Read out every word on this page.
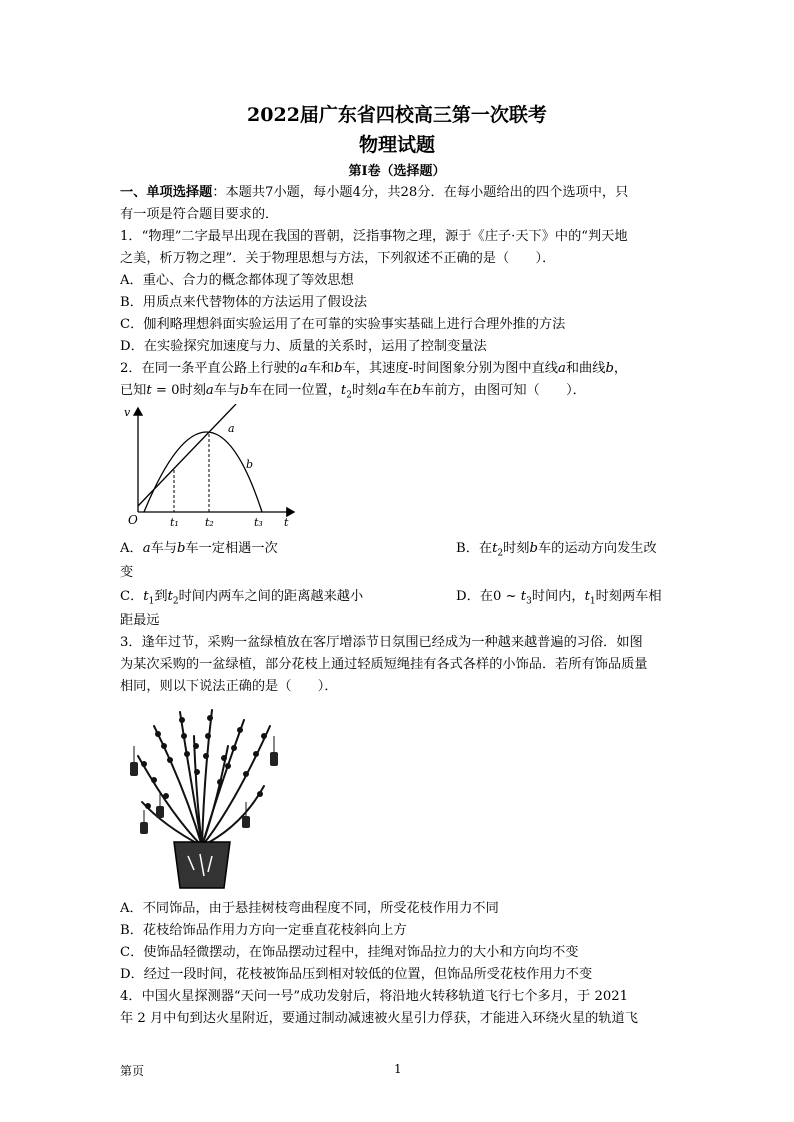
2022届广东省四校高三第一次联考
物理试题
第Ⅰ卷（选择题）
一、单项选择题：本题共7小题，每小题4分，共28分．在每小题给出的四个选项中，只
有一项是符合题目要求的．
1．“物理”二字最早出现在我国的晋朝，泛指事物之理，源于《庄子·天下》中的“判天地
之美，析万物之理”．关于物理思想与方法，下列叙述不正确的是（　　）．
A．重心、合力的概念都体现了等效思想
B．用质点来代替物体的方法运用了假设法
C．伽利略理想斜面实验运用了在可靠的实验事实基础上进行合理外推的方法
D．在实验探究加速度与力、质量的关系时，运用了控制变量法
2．在同一条平直公路上行驶的a车和b车，其速度-时间图象分别为图中直线a和曲线b，
已知t = 0时刻a车与b车在同一位置，$t_2$时刻a车在b车前方，由图可知（　　）．
v
O	t
t₁ t₂	t₃
a
b
A．a车与b车一定相遇一次	B．在$t_2$时刻b车的运动方向发生改
变
C．$t_1$到$t_2$时间内两车之间的距离越来越小	D．在0 ~ $t_3$时间内，$t_1$时刻两车相
距最远
3．逢年过节，采购一盆绿植放在客厅增添节日氛围已经成为一种越来越普遍的习俗．如图
为某次采购的一盆绿植，部分花枝上通过轻质短绳挂有各式各样的小饰品．若所有饰品质量
相同，则以下说法正确的是（　　）．
A．不同饰品，由于悬挂树枝弯曲程度不同，所受花枝作用力不同
B．花枝给饰品作用力方向一定垂直花枝斜向上方
C．使饰品轻微摆动，在饰品摆动过程中，挂绳对饰品拉力的大小和方向均不变
D．经过一段时间，花枝被饰品压到相对较低的位置，但饰品所受花枝作用力不变
4．中国火星探测器“天问一号”成功发射后，将沿地火转移轨道飞行七个多月，于 2021
年 2 月中旬到达火星附近，要通过制动减速被火星引力俘获，才能进入环绕火星的轨道飞
第页	1
